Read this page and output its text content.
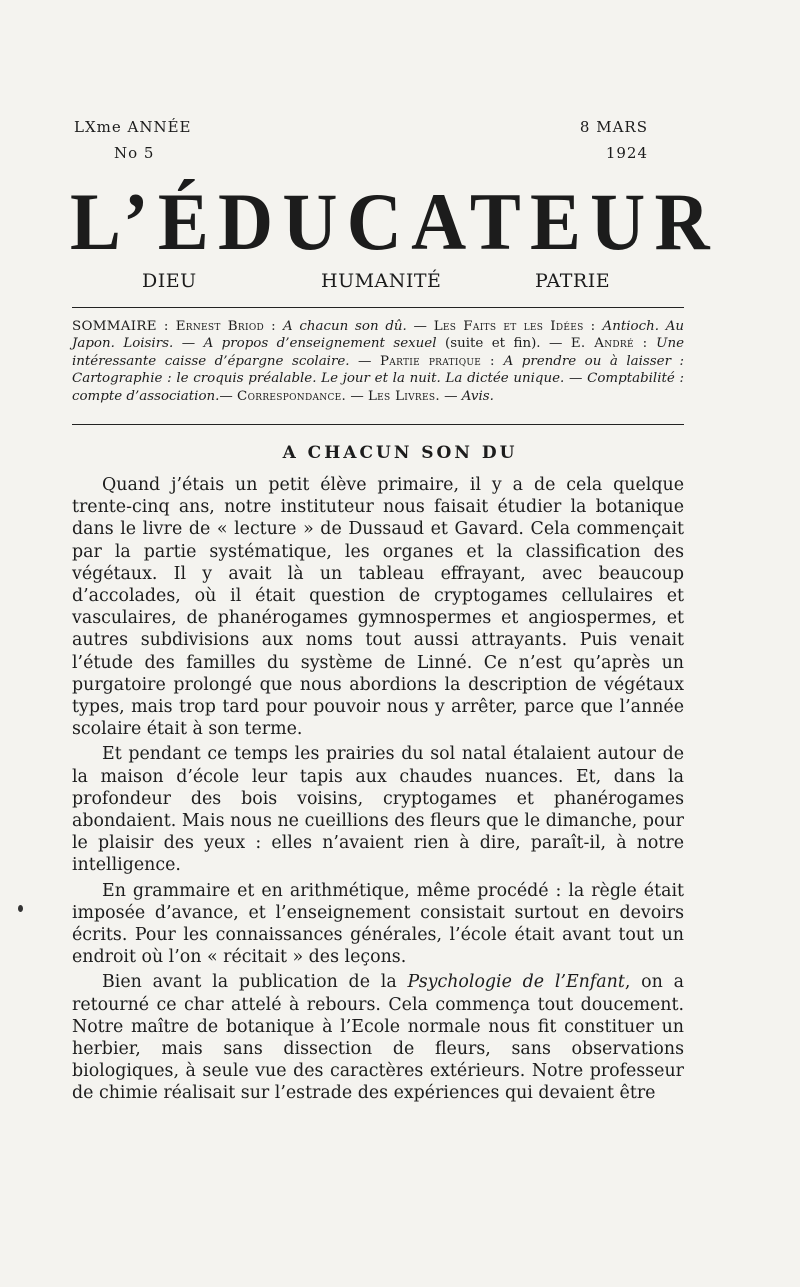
LXme ANNÉE	8 MARS
No 5	1924
L’ÉDUCATEUR
DIEU	HUMANITÉ	PATRIE
SOMMAIRE : Ernest Briod : A chacun son dû. — Les Faits et les Idées : Antioch. Au Japon. Loisirs. — A propos d’enseignement sexuel (suite et fin). — E. André : Une intéressante caisse d’épargne scolaire. — Partie pratique : A prendre ou à laisser : Cartographie : le croquis préalable. Le jour et la nuit. La dictée unique. — Comptabilité : compte d’association.— Correspondance. — Les Livres. — Avis.
A CHACUN SON DU

Quand j’étais un petit élève primaire, il y a de cela quelque trente-cinq ans, notre instituteur nous faisait étudier la botanique dans le livre de « lecture » de Dussaud et Gavard. Cela commençait par la partie systématique, les organes et la classification des végétaux. Il y avait là un tableau effrayant, avec beaucoup d’accolades, où il était question de cryptogames cellulaires et vasculaires, de phanérogames gymnospermes et angiospermes, et autres subdivisions aux noms tout aussi attrayants. Puis venait l’étude des familles du système de Linné. Ce n’est qu’après un purgatoire prolongé que nous abordions la description de végétaux types, mais trop tard pour pouvoir nous y arrêter, parce que l’année scolaire était à son terme.

Et pendant ce temps les prairies du sol natal étalaient autour de la maison d’école leur tapis aux chaudes nuances. Et, dans la profondeur des bois voisins, cryptogames et phanérogames abondaient. Mais nous ne cueillions des fleurs que le dimanche, pour le plaisir des yeux : elles n’avaient rien à dire, paraît-il, à notre intelligence.

En grammaire et en arithmétique, même procédé : la règle était imposée d’avance, et l’enseignement consistait surtout en devoirs écrits. Pour les connaissances générales, l’école était avant tout un endroit où l’on « récitait » des leçons.

Bien avant la publication de la Psychologie de l’Enfant, on a retourné ce char attelé à rebours. Cela commença tout doucement. Notre maître de botanique à l’Ecole normale nous fit constituer un herbier, mais sans dissection de fleurs, sans observations biologiques, à seule vue des caractères extérieurs. Notre professeur de chimie réalisait sur l’estrade des expériences qui devaient être
